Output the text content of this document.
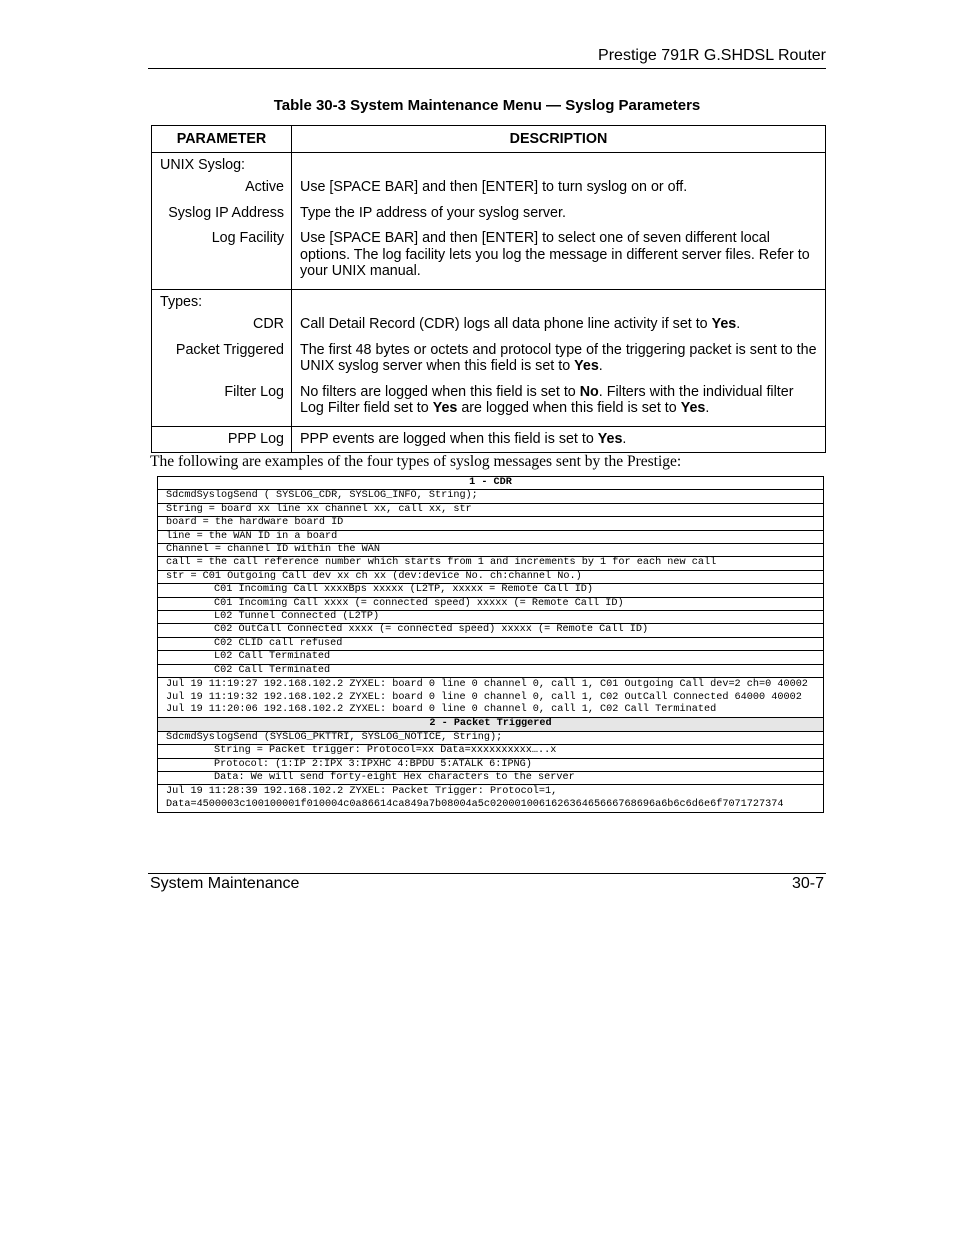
Prestige 791R G.SHDSL Router
Table 30-3 System Maintenance Menu — Syslog Parameters
PARAMETER	DESCRIPTION

UNIX Syslog:	

Active	Use [SPACE BAR] and then [ENTER] to turn syslog on or off.

Syslog IP Address	Type the IP address of your syslog server.

Log Facility	Use [SPACE BAR] and then [ENTER] to select one of seven different local options. The log facility lets you log the message in different server files. Refer to your UNIX manual.

Types:	

CDR	Call Detail Record (CDR) logs all data phone line activity if set to Yes.

Packet Triggered	The first 48 bytes or octets and protocol type of the triggering packet is sent to the UNIX syslog server when this field is set to Yes.

Filter Log	No filters are logged when this field is set to No. Filters with the individual filter Log Filter field set to Yes are logged when this field is set to Yes.

PPP Log	PPP events are logged when this field is set to Yes.
The following are examples of the four types of syslog messages sent by the Prestige:
1 - CDR
SdcmdSyslogSend ( SYSLOG_CDR, SYSLOG_INFO, String);
String = board xx line xx channel xx, call xx, str
board = the hardware board ID
line = the WAN ID in a board
Channel = channel ID within the WAN
call = the call reference number which starts from 1 and increments by 1 for each new call
str = C01 Outgoing Call dev xx ch xx (dev:device No. ch:channel No.)
C01 Incoming Call xxxxBps xxxxx (L2TP, xxxxx = Remote Call ID)
C01 Incoming Call xxxx (= connected speed) xxxxx (= Remote Call ID)
L02 Tunnel Connected (L2TP)
C02 OutCall Connected xxxx (= connected speed) xxxxx (= Remote Call ID)
C02 CLID call refused
L02 Call Terminated
C02 Call Terminated
Jul 19 11:19:27 192.168.102.2 ZYXEL: board 0 line 0 channel 0, call 1, C01 Outgoing Call dev=2 ch=0 40002
Jul 19 11:19:32 192.168.102.2 ZYXEL: board 0 line 0 channel 0, call 1, C02 OutCall Connected 64000 40002
Jul 19 11:20:06 192.168.102.2 ZYXEL: board 0 line 0 channel 0, call 1, C02 Call Terminated
2 - Packet Triggered
SdcmdSyslogSend (SYSLOG_PKTTRI, SYSLOG_NOTICE, String);
String = Packet trigger: Protocol=xx Data=xxxxxxxxxx…..x
Protocol: (1:IP 2:IPX 3:IPXHC 4:BPDU 5:ATALK 6:IPNG)
Data: We will send forty-eight Hex characters to the server
Jul 19 11:28:39 192.168.102.2 ZYXEL: Packet Trigger: Protocol=1,
Data=4500003c100100001f010004c0a86614ca849a7b08004a5c020001006162636465666768696a6b6c6d6e6f7071727374
System Maintenance	30-7
